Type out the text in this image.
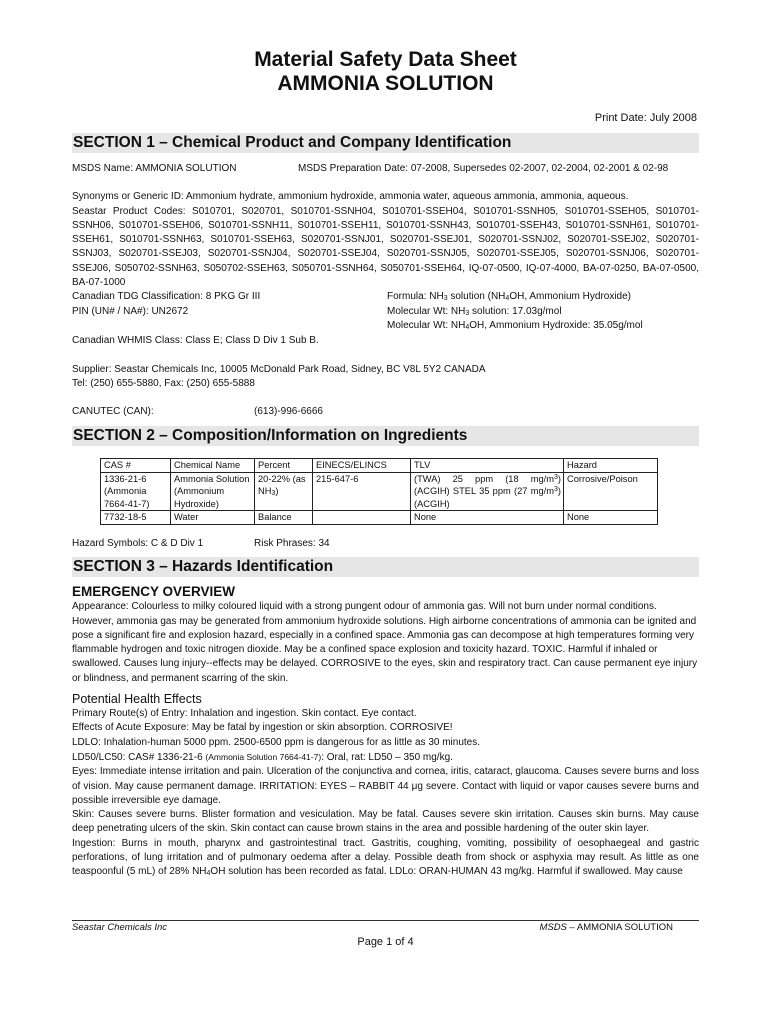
Material Safety Data Sheet
AMMONIA SOLUTION
Print Date: July 2008
SECTION 1 – Chemical Product and Company Identification
MSDS Name: AMMONIA SOLUTION	MSDS Preparation Date: 07-2008, Supersedes 02-2007, 02-2004, 02-2001 & 02-98

Synonyms or Generic ID: Ammonium hydrate, ammonium hydroxide, ammonia water, aqueous ammonia, ammonia, aqueous.

Seastar Product Codes: S010701, S020701, S010701-SSNH04, S010701-SSEH04, S010701-SSNH05, S010701-SSEH05, S010701-SSNH06, S010701-SSEH06, S010701-SSNH11, S010701-SSEH11, S010701-SSNH43, S010701-SSEH43, S010701-SSNH61, S010701-SSEH61, S010701-SSNH63, S010701-SSEH63, S020701-SSNJ01, S020701-SSEJ01, S020701-SSNJ02, S020701-SSEJ02, S020701-SSNJ03, S020701-SSEJ03, S020701-SSNJ04, S020701-SSEJ04, S020701-SSNJ05, S020701-SSEJ05, S020701-SSNJ06, S020701-SSEJ06, S050702-SSNH63, S050702-SSEH63, S050701-SSNH64, S050701-SSEH64, IQ-07-0500, IQ-07-4000, BA-07-0250, BA-07-0500, BA-07-1000

Canadian TDG Classification: 8 PKG Gr III

PIN (UN# / NA#): UN2672

Formula: $NH_3$ solution ($NH_4OH$, Ammonium Hydroxide)

Molecular Wt: $NH_3$ solution: 17.03g/mol

Molecular Wt: $NH_4OH$, Ammonium Hydroxide: 35.05g/mol

Canadian WHMIS Class: Class E; Class D Div 1 Sub B.

Supplier: Seastar Chemicals Inc, 10005 McDonald Park Road, Sidney, BC V8L 5Y2 CANADA

Tel: (250) 655-5880, Fax: (250) 655-5888

CANUTEC (CAN):	(613)-996-6666
SECTION 2 – Composition/Information on Ingredients
CAS #	Chemical Name	Percent	EINECS/ELINCS	TLV	Hazard
1336-21-6 (Ammonia 7664-41-7)	Ammonia Solution (Ammonium Hydroxide)	20-22% (as $NH_3$)	215-647-6	(TWA) 25 ppm (18 $mg/m^3$) (ACGIH) STEL 35 ppm (27 $mg/m^3$) (ACGIH)	Corrosive/Poison
7732-18-5	Water	Balance		None	None
Hazard Symbols: C & D Div 1	Risk Phrases: 34
SECTION 3 – Hazards Identification
EMERGENCY OVERVIEW

Appearance: Colourless to milky coloured liquid with a strong pungent odour of ammonia gas. Will not burn under normal conditions. However, ammonia gas may be generated from ammonium hydroxide solutions. High airborne concentrations of ammonia can be ignited and pose a significant fire and explosion hazard, especially in a confined space. Ammonia gas can decompose at high temperatures forming very flammable hydrogen and toxic nitrogen dioxide. May be a confined space explosion and toxicity hazard. TOXIC. Harmful if inhaled or swallowed. Causes lung injury--effects may be delayed. CORROSIVE to the eyes, skin and respiratory tract. Can cause permanent eye injury or blindness, and permanent scarring of the skin.

Potential Health Effects

Primary Route(s) of Entry: Inhalation and ingestion. Skin contact. Eye contact.

Effects of Acute Exposure: May be fatal by ingestion or skin absorption. CORROSIVE!

LDLO: Inhalation-human 5000 ppm. 2500-6500 ppm is dangerous for as little as 30 minutes.

LD50/LC50: CAS# 1336-21-6 (Ammonia Solution 7664-41-7): Oral, rat: LD50 – 350 mg/kg.

Eyes: Immediate intense irritation and pain. Ulceration of the conjunctiva and cornea, iritis, cataract, glaucoma. Causes severe burns and loss of vision. May cause permanent damage. IRRITATION: EYES – RABBIT 44 μg severe. Contact with liquid or vapor causes severe burns and possible irreversible eye damage.

Skin: Causes severe burns. Blister formation and vesiculation. May be fatal. Causes severe skin irritation. Causes skin burns. May cause deep penetrating ulcers of the skin. Skin contact can cause brown stains in the area and possible hardening of the outer skin layer.

Ingestion: Burns in mouth, pharynx and gastrointestinal tract. Gastritis, coughing, vomiting, possibility of oesophaegeal and gastric perforations, of lung irritation and of pulmonary oedema after a delay. Possible death from shock or asphyxia may result. As little as one teaspoonful (5 mL) of 28% $NH_4OH$ solution has been recorded as fatal. LDLo: ORAN-HUMAN 43 mg/kg. Harmful if swallowed. May cause

Seastar Chemicals Inc	MSDS – AMMONIA SOLUTION
Page 1 of 4
